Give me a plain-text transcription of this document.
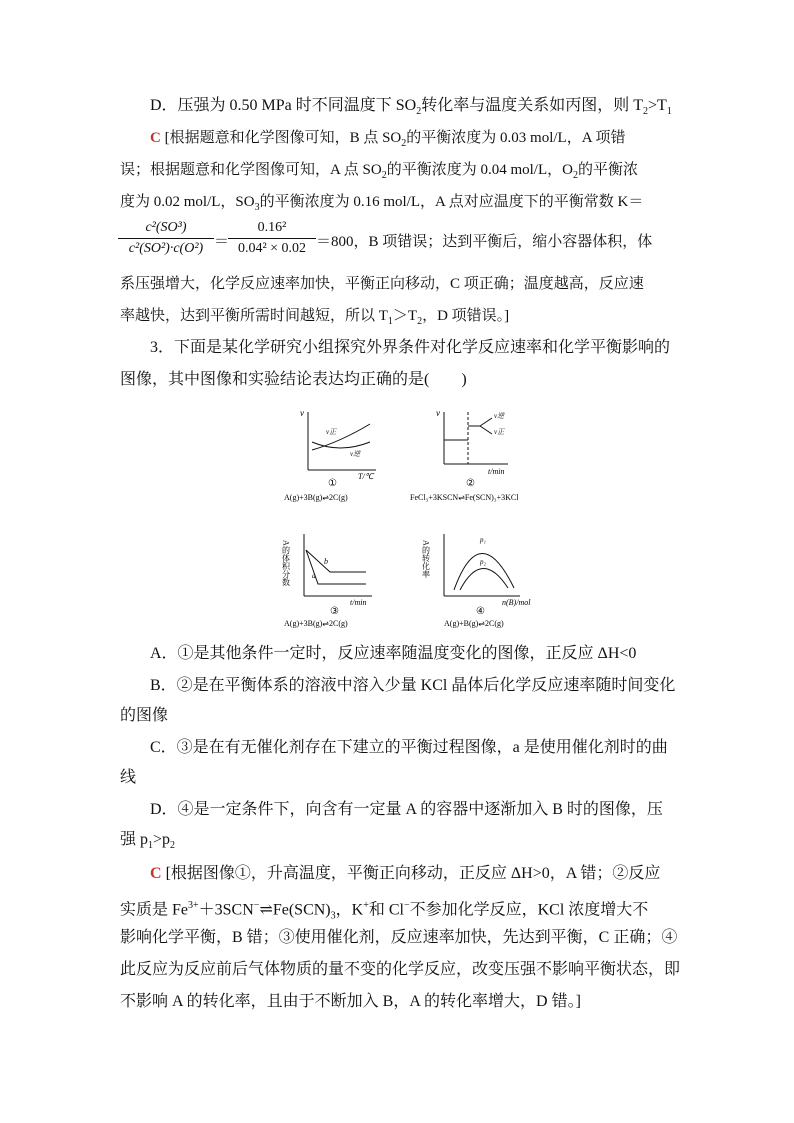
D．压强为 0.50 MPa 时不同温度下 $SO_2$转化率与温度关系如丙图，则 $T_2>T_1$
C [根据题意和化学图像可知，B 点 $SO_2$的平衡浓度为 0.03 mol/L，A 项错
误；根据题意和化学图像可知，A 点 $SO_2$的平衡浓度为 0.04 mol/L，$O_2$的平衡浓
度为 0.02 mol/L，$SO_3$的平衡浓度为 0.16 mol/L，A 点对应温度下的平衡常数 K＝
$\frac{\text{c²(SO³)}}{\text{c²(SO²)·c(O²)}}$ ＝
$\frac{\text{0.16²}}{\text{0.04² × 0.02}} =800$，B 项错误；达到平衡后，缩小容器体积，体
系压强增大，化学反应速率加快，平衡正向移动，C 项正确；温度越高，反应速
率越快，达到平衡所需时间越短，所以 $T_1>T_2$，D 项错误。]
3．下面是某化学研究小组探究外界条件对化学反应速率和化学平衡影响的
图像，其中图像和实验结论表达均正确的是(　　)
v
v正
v逆
T/℃
①
A(g)+3B(g)⇌2C(g)
v	v逆
v正
t/min
②
FeCl₃+3KSCN⇌Fe(SCN)₃+3KCl
A的体积分数	b
a
t/min
③
A(g)+3B(g)⇌2C(g)
A的转化率	p₁
p₂
n(B)/mol
④
A(g)+B(g)⇌2C(g)
A．①是其他条件一定时，反应速率随温度变化的图像，正反应 ΔH<0
B．②是在平衡体系的溶液中溶入少量 KCl 晶体后化学反应速率随时间变化
的图像
C．③是在有无催化剂存在下建立的平衡过程图像，a 是使用催化剂时的曲
线
D．④是一定条件下，向含有一定量 A 的容器中逐渐加入 B 时的图像，压
强 $p_1>p_2$
C [根据图像①，升高温度，平衡正向移动，正反应 ΔH>0，A 错；②反应
实质是 $Fe^{3+}+3SCN^-\rightleftharpoons Fe(SCN)_3$，K+和 Cl−不参加化学反应，KCl 浓度增大不
影响化学平衡，B 错；③使用催化剂，反应速率加快，先达到平衡，C 正确；④
此反应为反应前后气体物质的量不变的化学反应，改变压强不影响平衡状态，即
不影响 A 的转化率，且由于不断加入 B，A 的转化率增大，D 错。]
